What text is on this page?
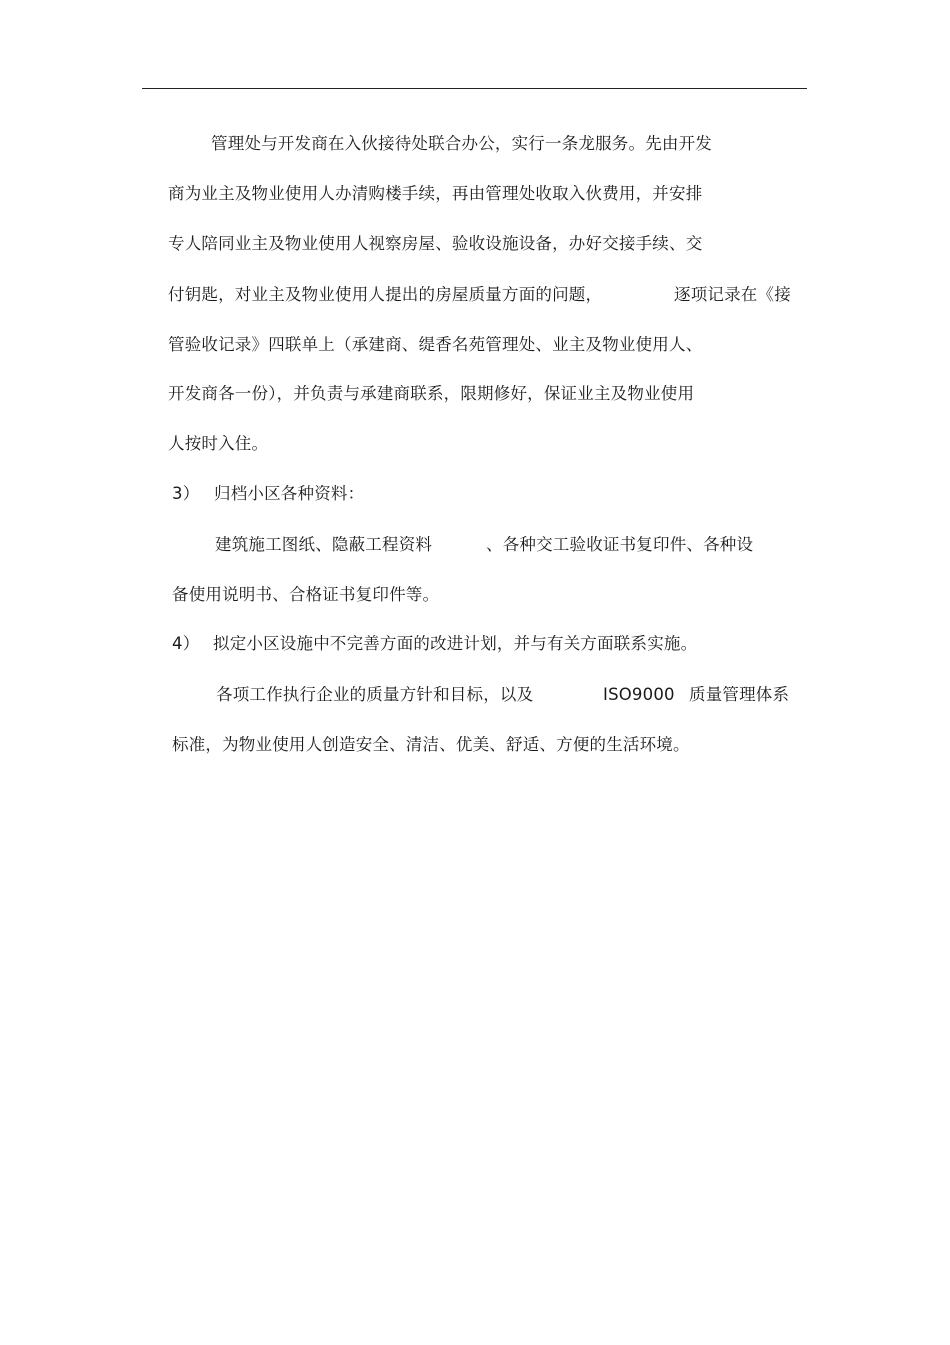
管理处与开发商在入伙接待处联合办公，实行一条龙服务。先由开发
商为业主及物业使用人办清购楼手续，再由管理处收取入伙费用，并安排
专人陪同业主及物业使用人视察房屋、验收设施设备，办好交接手续、交
付钥匙，对业主及物业使用人提出的房屋质量方面的问题，	逐项记录在《接
管验收记录》四联单上（承建商、缇香名苑管理处、业主及物业使用人、
开发商各一份），并负责与承建商联系，限期修好，保证业主及物业使用
人按时入住。
3） 归档小区各种资料：
建筑施工图纸、隐蔽工程资料	、各种交工验收证书复印件、各种设
备使用说明书、合格证书复印件等。
4） 拟定小区设施中不完善方面的改进计划，并与有关方面联系实施。
各项工作执行企业的质量方针和目标，以及	ISO9000 质量管理体系
标准，为物业使用人创造安全、清洁、优美、舒适、方便的生活环境。
